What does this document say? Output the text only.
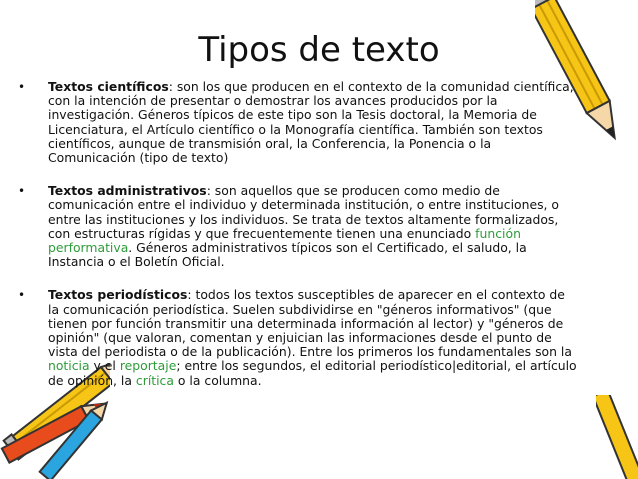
Tipos de texto
• Textos científicos: son los que producen en el contexto de la comunidad científica, con la intención de presentar o demostrar los avances producidos por la investigación. Géneros típicos de este tipo son la Tesis doctoral, la Memoria de Licenciatura, el Artículo científico o la Monografía científica. También son textos científicos, aunque de transmisión oral, la Conferencia, la Ponencia o la Comunicación (tipo de texto)
• Textos administrativos: son aquellos que se producen como medio de comunicación entre el individuo y determinada institución, o entre instituciones, o entre las instituciones y los individuos. Se trata de textos altamente formalizados, con estructuras rígidas y que frecuentemente tienen una enunciado función performativa. Géneros administrativos típicos son el Certificado, el saludo, la Instancia o el Boletín Oficial.
• Textos periodísticos: todos los textos susceptibles de aparecer en el contexto de la comunicación periodística. Suelen subdividirse en "géneros informativos" (que tienen por función transmitir una determinada información al lector) y "géneros de opinión" (que valoran, comentan y enjuician las informaciones desde el punto de vista del periodista o de la publicación). Entre los primeros los fundamentales son la noticia y el reportaje; entre los segundos, el editorial periodístico|editorial, el artículo de opinión, la crítica o la columna.
